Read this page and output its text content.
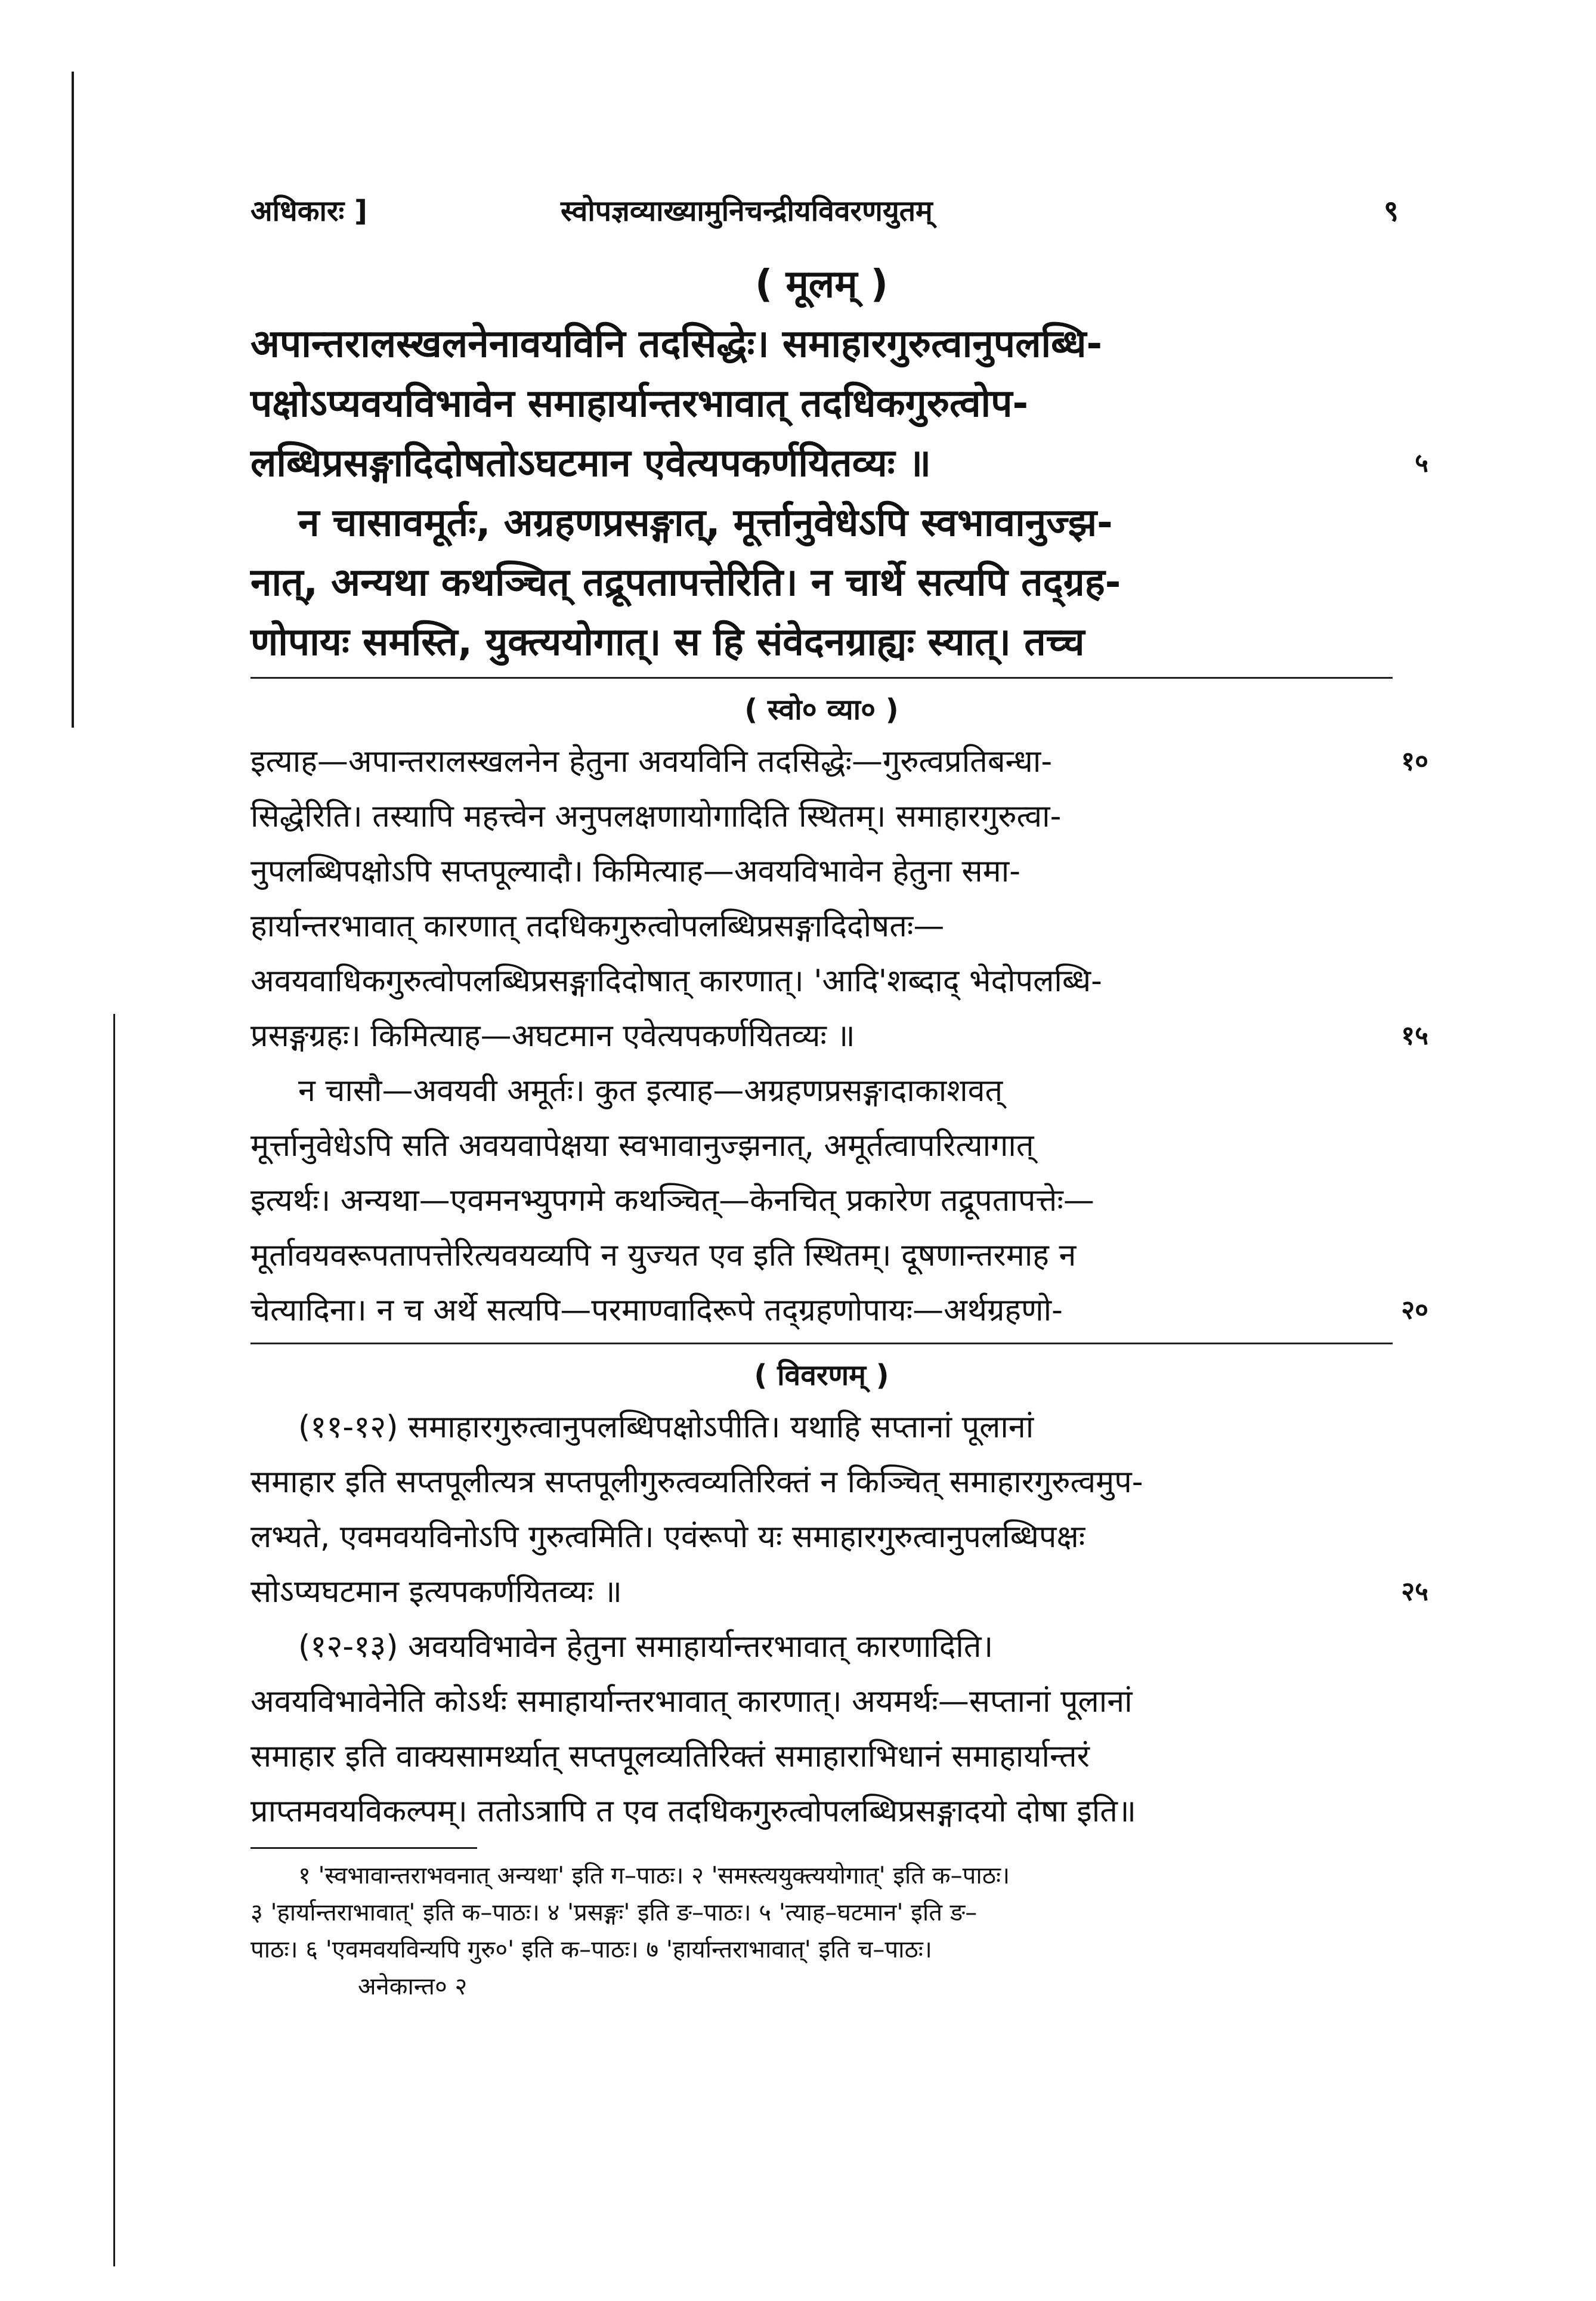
अधिकारः ]	स्वोपज्ञव्याख्यामुनिचन्द्रीयविवरणयुतम्	९
( मूलम् )
अपान्तरालस्खलनेनावयविनि तदसिद्धेः। समाहारगुरुत्वानुपलब्धि-
पक्षोऽप्यवयविभावेन समाहार्यान्तरभावात् तदधिकगुरुत्वोप-
लब्धिप्रसङ्गादिदोषतोऽघटमान एवेत्यपकर्णयितव्यः ॥	५
न चासावमूर्तः, अग्रहणप्रसङ्गात्, मूर्त्तानुवेधेऽपि स्वभावानुज्झ-
नात्, अन्यथा कथञ्चित् तद्रूपतापत्तेरिति। न चार्थे सत्यपि तद्ग्रह-
णोपायः समस्ति, युक्त्ययोगात्। स हि संवेदनग्राह्यः स्यात्। तच्च
( स्वो० व्या० )
इत्याह—अपान्तरालस्खलनेन हेतुना अवयविनि तदसिद्धेः—गुरुत्वप्रतिबन्धा-	१०
सिद्धेरिति। तस्यापि महत्त्वेन अनुपलक्षणायोगादिति स्थितम्। समाहारगुरुत्वा-
नुपलब्धिपक्षोऽपि सप्तपूल्यादौ। किमित्याह—अवयविभावेन हेतुना समा-
हार्यान्तरभावात् कारणात् तदधिकगुरुत्वोपलब्धिप्रसङ्गादिदोषतः—
अवयवाधिकगुरुत्वोपलब्धिप्रसङ्गादिदोषात् कारणात्। 'आदि'शब्दाद् भेदोपलब्धि-
प्रसङ्गग्रहः। किमित्याह—अघटमान एवेत्यपकर्णयितव्यः ॥	१५
न चासौ—अवयवी अमूर्तः। कुत इत्याह—अग्रहणप्रसङ्गादाकाशवत्
मूर्त्तानुवेधेऽपि सति अवयवापेक्षया स्वभावानुज्झनात्, अमूर्तत्वापरित्यागात्
इत्यर्थः। अन्यथा—एवमनभ्युपगमे कथञ्चित्—केनचित् प्रकारेण तद्रूपतापत्तेः—
मूर्तावयवरूपतापत्तेरित्यवयव्यपि न युज्यत एव इति स्थितम्। दूषणान्तरमाह न
चेत्यादिना। न च अर्थे सत्यपि—परमाण्वादिरूपे तद्ग्रहणोपायः—अर्थग्रहणो-	२०
( विवरणम् )
(११-१२) समाहारगुरुत्वानुपलब्धिपक्षोऽपीति। यथाहि सप्तानां पूलानां
समाहार इति सप्तपूलीत्यत्र सप्तपूलीगुरुत्वव्यतिरिक्तं न किञ्चित् समाहारगुरुत्वमुप-
लभ्यते, एवमवयविनोऽपि गुरुत्वमिति। एवंरूपो यः समाहारगुरुत्वानुपलब्धिपक्षः
सोऽप्यघटमान इत्यपकर्णयितव्यः ॥	२५
(१२-१३) अवयविभावेन हेतुना समाहार्यान्तरभावात् कारणादिति।
अवयविभावेनेति कोऽर्थः समाहार्यान्तरभावात् कारणात्। अयमर्थः—सप्तानां पूलानां
समाहार इति वाक्यसामर्थ्यात् सप्तपूलव्यतिरिक्तं समाहाराभिधानं समाहार्यान्तरं
प्राप्तमवयविकल्पम्। ततोऽत्रापि त एव तदधिकगुरुत्वोपलब्धिप्रसङ्गादयो दोषा इति॥
१ 'स्वभावान्तराभवनात् अन्यथा' इति ग–पाठः। २ 'समस्त्ययुक्त्ययोगात्' इति क–पाठः।
३ 'हार्यान्तराभावात्' इति क–पाठः। ४ 'प्रसङ्गः' इति ङ–पाठः। ५ 'त्याह–घटमान' इति ङ–
पाठः। ६ 'एवमवयविन्यपि गुरु०' इति क–पाठः। ७ 'हार्यान्तराभावात्' इति च–पाठः।
अनेकान्त० २
